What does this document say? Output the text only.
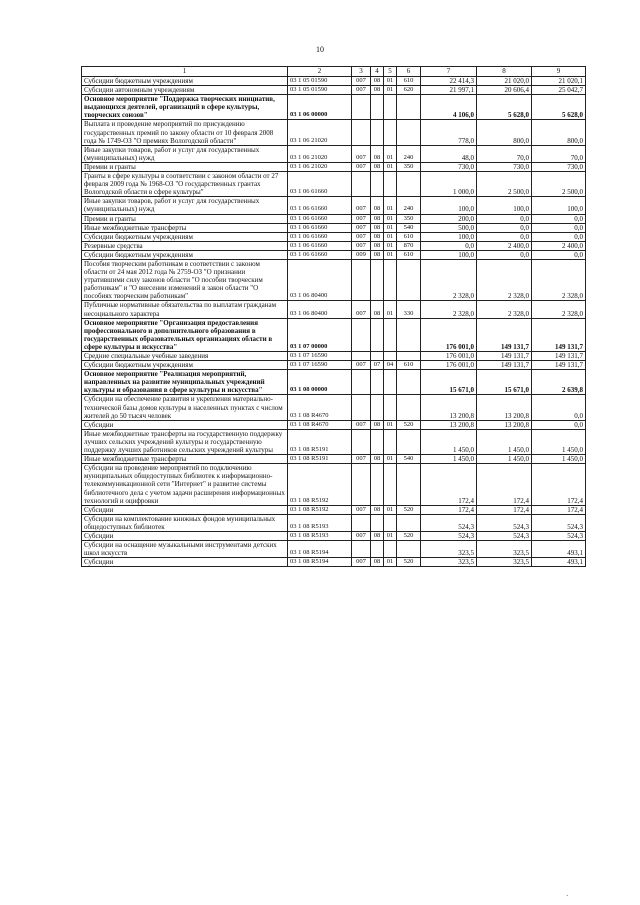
10
1	2	3	4	5	6	7	8	9
Субсидии бюджетным учреждениям	03 1 05 01590	007	08	01	610	22 414,3	21 020,0	21 020,1
Субсидии автономным учреждениям	03 1 05 01590	007	08	01	620	21 997,1	20 606,4	25 042,7
Основное мероприятие "Поддержка творческих инициатив, выдающихся деятелей, организаций в сфере культуры, творческих союзов"	03 1 06 00000					4 106,0	5 628,0	5 628,0
Выплата и проведение мероприятий по присуждению государственных премий по закону области от 10 февраля 2008 года № 1749-ОЗ "О премиях Вологодской области"	03 1 06 21020					778,0	800,0	800,0
Иные закупки товаров, работ и услуг для государственных (муниципальных) нужд	03 1 06 21020	007	08	01	240	48,0	70,0	70,0
Премии и гранты	03 1 06 21020	007	08	01	350	730,0	730,0	730,0
Гранты в сфере культуры в соответствии с законом области от 27 февраля 2009 года № 1968-ОЗ "О государственных грантах Вологодской области в сфере культуры"	03 1 06 61660					1 000,0	2 500,0	2 500,0
Иные закупки товаров, работ и услуг для государственных (муниципальных) нужд	03 1 06 61660	007	08	01	240	100,0	100,0	100,0
Премии и гранты	03 1 06 61660	007	08	01	350	200,0	0,0	0,0
Иные межбюджетные трансферты	03 1 06 61660	007	08	01	540	500,0	0,0	0,0
Субсидии бюджетным учреждениям	03 1 06 61660	007	08	01	610	100,0	0,0	0,0
Резервные средства	03 1 06 61660	007	08	01	870	0,0	2 400,0	2 400,0
Субсидии бюджетным учреждениям	03 1 06 61660	009	08	01	610	100,0	0,0	0,0
Пособия творческим работникам в соответствии с законом области от 24 мая 2012 года № 2759-ОЗ "О признании утратившими силу законов области "О пособии творческим работникам" и "О внесении изменений в закон области "О пособиях творческим работникам"	03 1 06 80400					2 328,0	2 328,0	2 328,0
Публичные нормативные обязательства по выплатам гражданам несоциального характера	03 1 06 80400	007	08	01	330	2 328,0	2 328,0	2 328,0
Основное мероприятие "Организация предоставления профессионального и дополнительного образования в государственных образовательных организациях области в сфере культуры и искусства"	03 1 07 00000					176 001,0	149 131,7	149 131,7
Средние специальные учебные заведения	03 1 07 16590					176 001,0	149 131,7	149 131,7
Субсидии бюджетным учреждениям	03 1 07 16590	007	07	04	610	176 001,0	149 131,7	149 131,7
Основное мероприятие "Реализация мероприятий, направленных на развитие муниципальных учреждений культуры и образования в сфере культуры и искусства"	03 1 08 00000					15 671,0	15 671,0	2 639,8
Субсидии на обеспечение развития и укрепления материально-технической базы домов культуры в населенных пунктах с числом жителей до 50 тысяч человек	03 1 08 R4670					13 200,8	13 200,8	0,0
Субсидии	03 1 08 R4670	007	08	01	520	13 200,8	13 200,8	0,0
Иные межбюджетные трансферты на государственную поддержку лучших сельских учреждений культуры и государственную поддержку лучших работников сельских учреждений культуры	03 1 08 R5191					1 450,0	1 450,0	1 450,0
Иные межбюджетные трансферты	03 1 08 R5191	007	08	01	540	1 450,0	1 450,0	1 450,0
Субсидии на проведение мероприятий по подключению муниципальных общедоступных библиотек к информационно-телекоммуникационной сети "Интернет" и развитие системы библиотечного дела с учетом задачи расширения информационных технологий и оцифровки	03 1 08 R5192					172,4	172,4	172,4
Субсидии	03 1 08 R5192	007	08	01	520	172,4	172,4	172,4
Субсидии на комплектование книжных фондов муниципальных общедоступных библиотек	03 1 08 R5193					524,3	524,3	524,3
Субсидии	03 1 08 R5193	007	08	01	520	524,3	524,3	524,3
Субсидии на оснащение музыкальными инструментами детских школ искусств	03 1 08 R5194					323,5	323,5	493,1
Субсидии	03 1 08 R5194	007	08	01	520	323,5	323,5	493,1
·
